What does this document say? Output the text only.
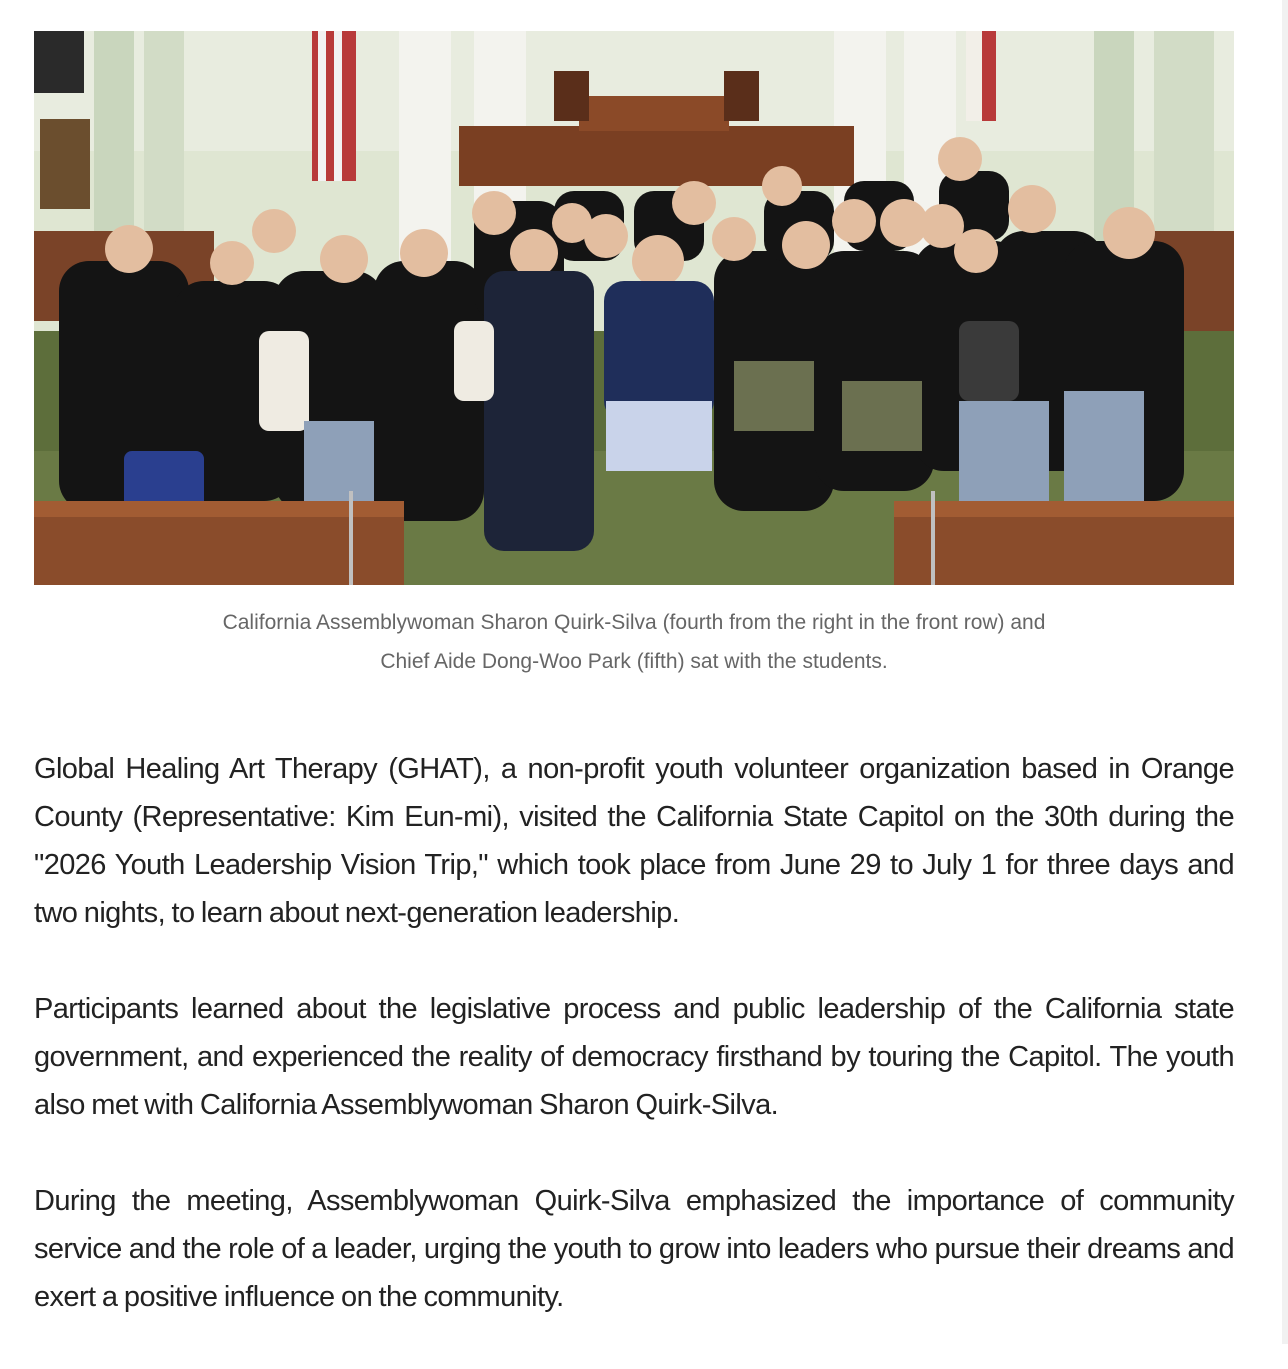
California Assemblywoman Sharon Quirk-Silva (fourth from the right in the front row) and
Chief Aide Dong-Woo Park (fifth) sat with the students.

Global Healing Art Therapy (GHAT), a non-profit youth volunteer organization based in Orange County (Representative: Kim Eun-mi), visited the California State Capitol on the 30th during the "2026 Youth Leadership Vision Trip," which took place from June 29 to July 1 for three days and two nights, to learn about next-generation leadership.

Participants learned about the legislative process and public leadership of the California state government, and experienced the reality of democracy firsthand by touring the Capitol. The youth also met with California Assemblywoman Sharon Quirk-Silva.

During the meeting, Assemblywoman Quirk-Silva emphasized the importance of community service and the role of a leader, urging the youth to grow into leaders who pursue their dreams and exert a positive influence on the community.
